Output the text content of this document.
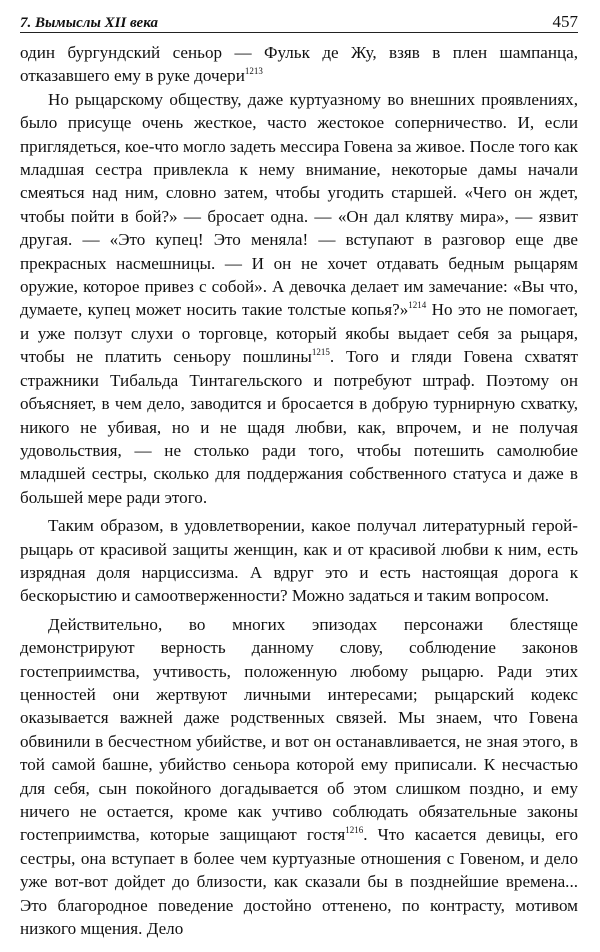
7. Вымыслы XII века	457

один бургундский сеньор — Фульк де Жу, взяв в плен шампанца, отказавшего ему в руке дочери$^{1213}$

Но рыцарскому обществу, даже куртуазному во внешних проявлениях, было присуще очень жесткое, часто жестокое соперничество. И, если приглядеться, кое-что могло задеть мессира Говена за живое. После того как младшая сестра привлекла к нему внимание, некоторые дамы начали смеяться над ним, словно затем, чтобы угодить старшей. «Чего он ждет, чтобы пойти в бой?» — бросает одна. — «Он дал клятву мира», — язвит другая. — «Это купец! Это меняла! — вступают в разговор еще две прекрасных насмешницы. — И он не хочет отдавать бедным рыцарям оружие, которое привез с собой». А девочка делает им замечание: «Вы что, думаете, купец может носить такие толстые копья?»$^{1214}$ Но это не помогает, и уже ползут слухи о торговце, который якобы выдает себя за рыцаря, чтобы не платить сеньору пошлины$^{1215}$. Того и гляди Говена схватят стражники Тибальда Тинтагельского и потребуют штраф. Поэтому он объясняет, в чем дело, заводится и бросается в добрую турнирную схватку, никого не убивая, но и не щадя любви, как, впрочем, и не получая удовольствия, — не столько ради того, чтобы потешить самолюбие младшей сестры, сколько для поддержания собственного статуса и даже в большей мере ради этого.

Таким образом, в удовлетворении, какое получал литературный герой-рыцарь от красивой защиты женщин, как и от красивой любви к ним, есть изрядная доля нарциссизма. А вдруг это и есть настоящая дорога к бескорыстию и самоотверженности? Можно задаться и таким вопросом.

Действительно, во многих эпизодах персонажи блестяще демонстрируют верность данному слову, соблюдение законов гостеприимства, учтивость, положенную любому рыцарю. Ради этих ценностей они жертвуют личными интересами; рыцарский кодекс оказывается важней даже родственных связей. Мы знаем, что Говена обвинили в бесчестном убийстве, и вот он останавливается, не зная этого, в той самой башне, убийство сеньора которой ему приписали. К несчастью для себя, сын покойного догадывается об этом слишком поздно, и ему ничего не остается, кроме как учтиво соблюдать обязательные законы гостеприимства, которые защищают гостя$^{1216}$. Что касается девицы, его сестры, она вступает в более чем куртуазные отношения с Говеном, и дело уже вот-вот дойдет до близости, как сказали бы в позднейшие времена... Это благородное поведение достойно оттенено, по контрасту, мотивом низкого мщения. Дело
